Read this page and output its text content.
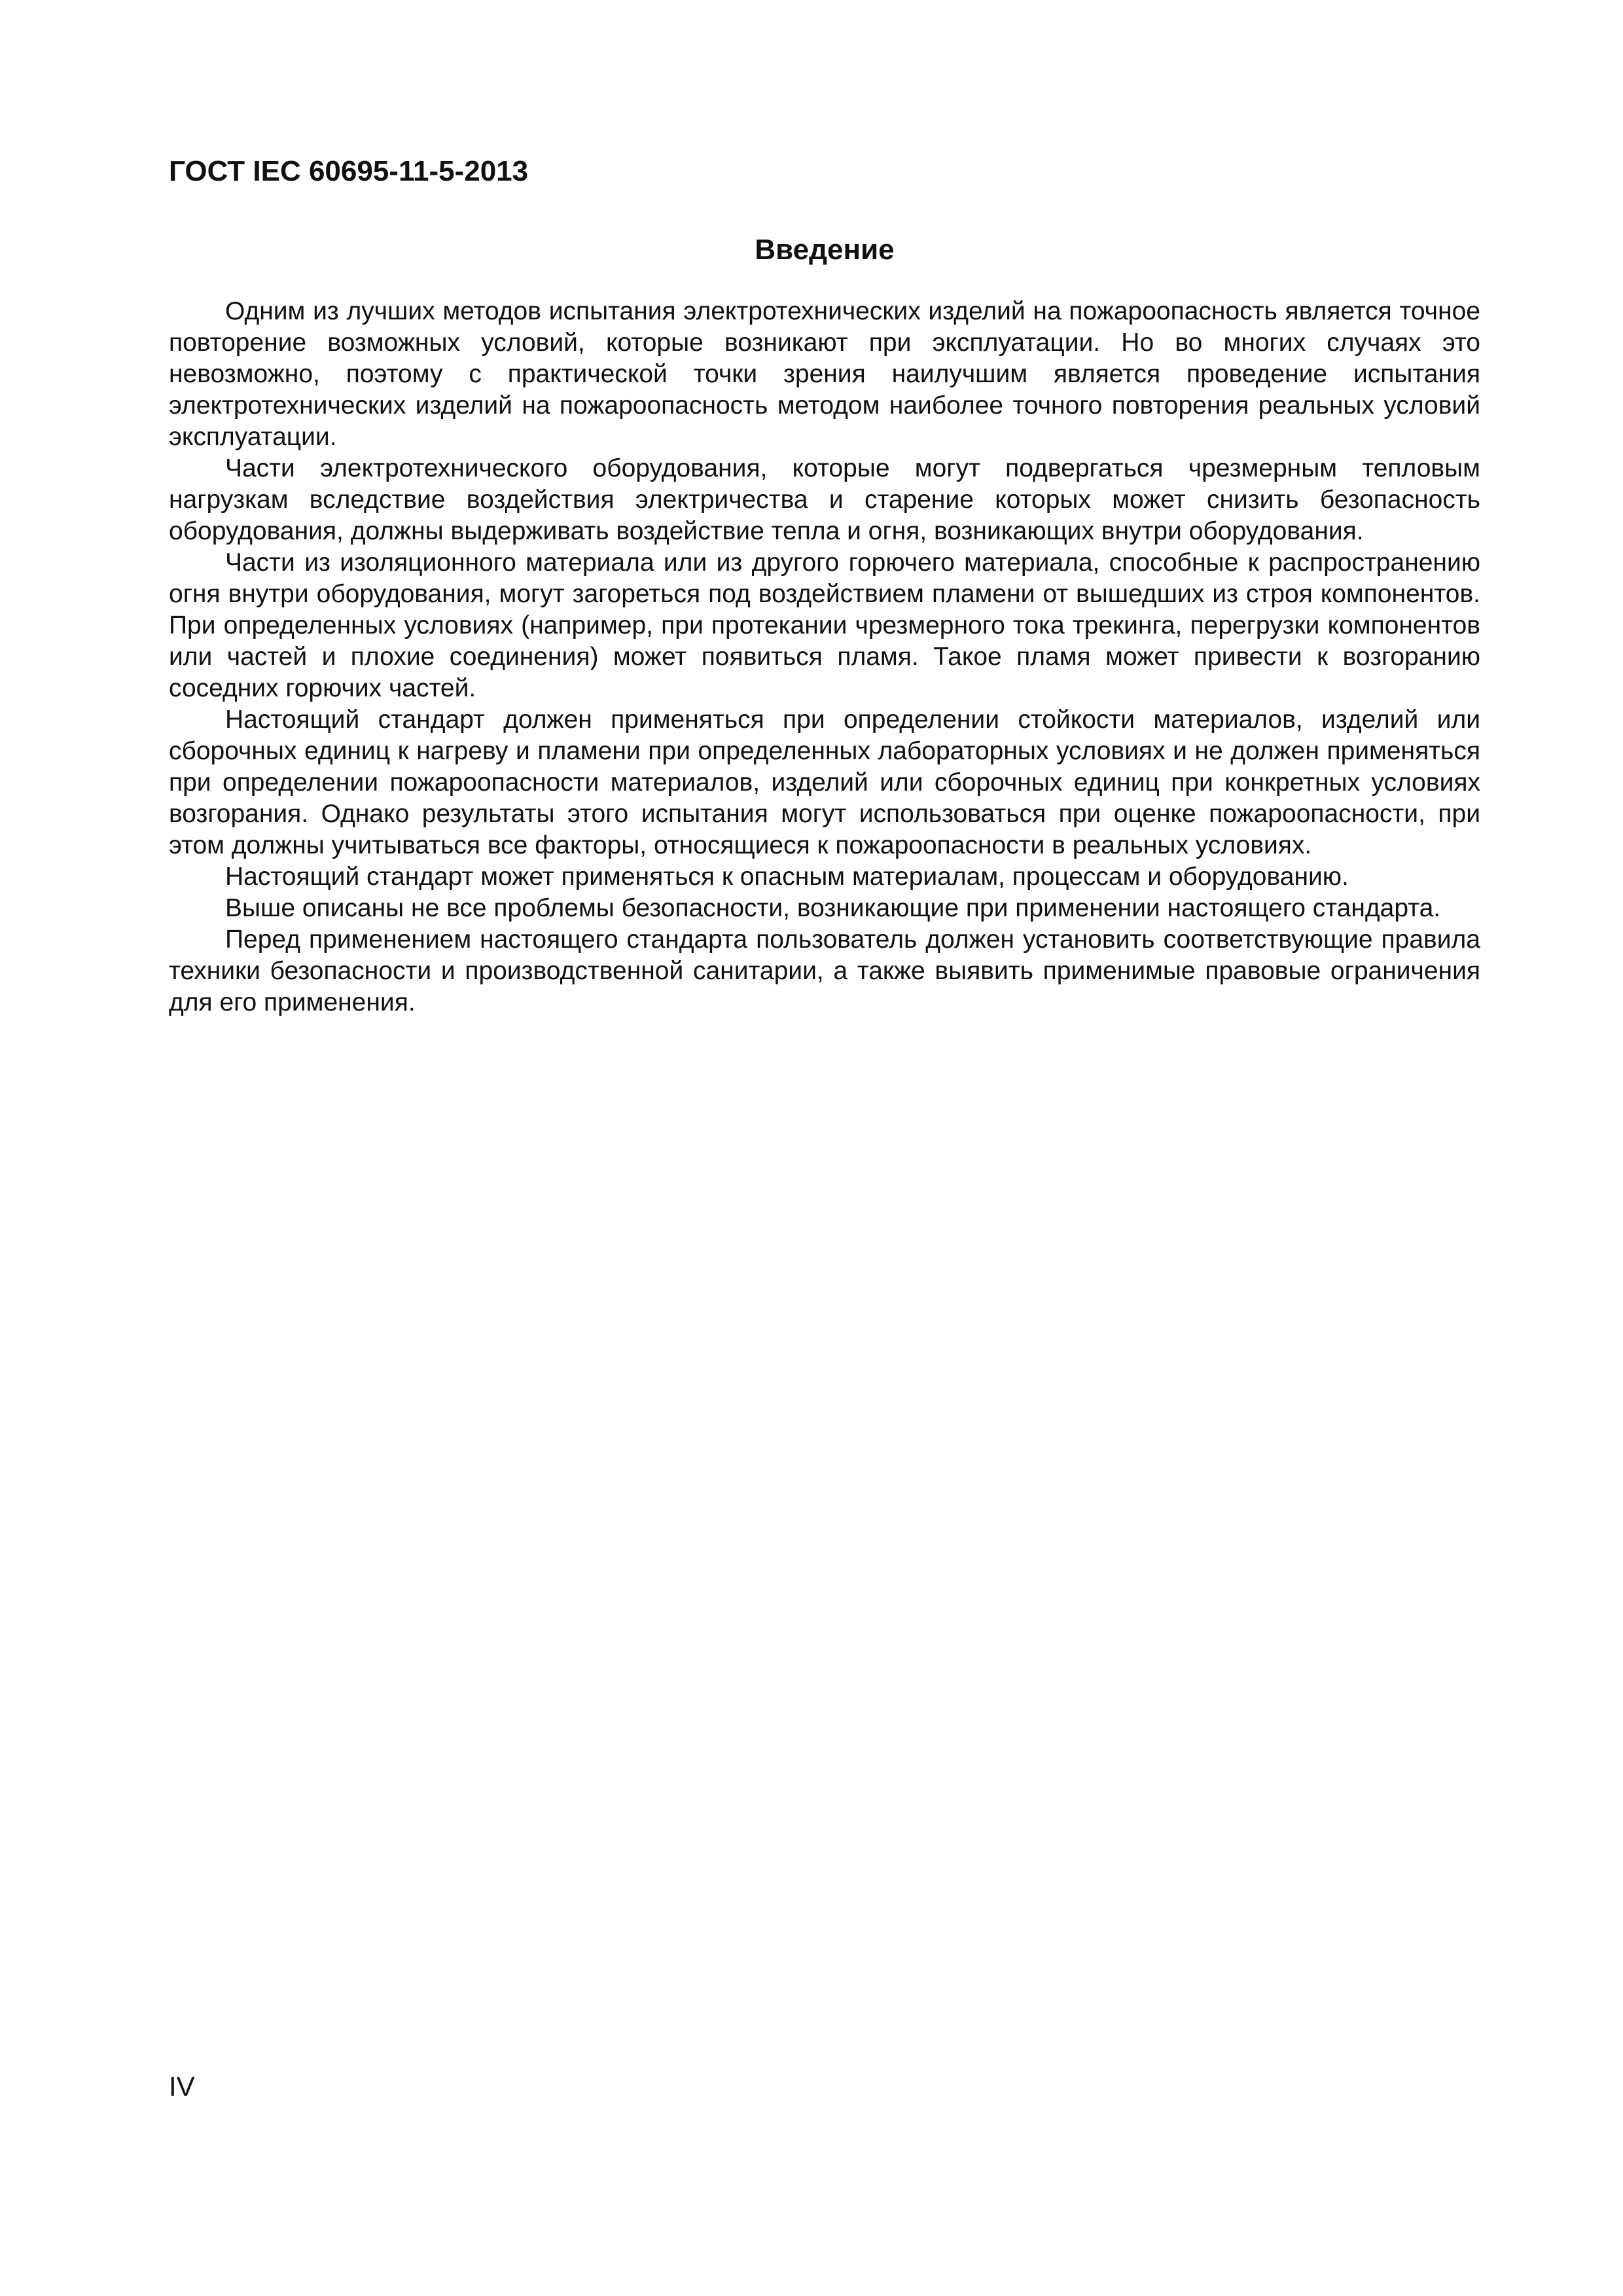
ГОСТ IEC 60695-11-5-2013
Введение

Одним из лучших методов испытания электротехнических изделий на пожароопасность является точное повторение возможных условий, которые возникают при эксплуатации. Но во многих случаях это невозможно, поэтому с практической точки зрения наилучшим является проведение испытания электротехнических изделий на пожароопасность методом наиболее точного повторения реальных условий эксплуатации.

Части электротехнического оборудования, которые могут подвергаться чрезмерным тепловым нагрузкам вследствие воздействия электричества и старение которых может снизить безопасность оборудования, должны выдерживать воздействие тепла и огня, возникающих внутри оборудования.

Части из изоляционного материала или из другого горючего материала, способные к распространению огня внутри оборудования, могут загореться под воздействием пламени от вышедших из строя компонентов. При определенных условиях (например, при протекании чрезмерного тока трекинга, перегрузки компонентов или частей и плохие соединения) может появиться пламя. Такое пламя может привести к возгоранию соседних горючих частей.

Настоящий стандарт должен применяться при определении стойкости материалов, изделий или сборочных единиц к нагреву и пламени при определенных лабораторных условиях и не должен применяться при определении пожароопасности материалов, изделий или сборочных единиц при конкретных условиях возгорания. Однако результаты этого испытания могут использоваться при оценке пожароопасности, при этом должны учитываться все факторы, относящиеся к пожароопасности в реальных условиях.

Настоящий стандарт может применяться к опасным материалам, процессам и оборудованию.

Выше описаны не все проблемы безопасности, возникающие при применении настоящего стандарта.

Перед применением настоящего стандарта пользователь должен установить соответствующие правила техники безопасности и производственной санитарии, а также выявить применимые правовые ограничения для его применения.

IV
